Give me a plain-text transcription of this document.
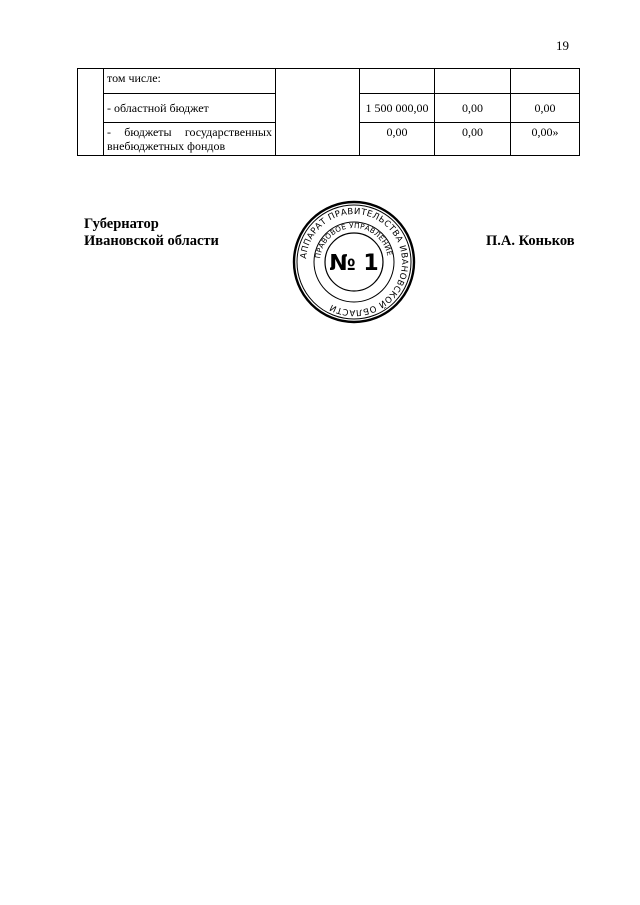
19
	том числе:				
	- областной бюджет		1 500 000,00	0,00	0,00
	- бюджеты государственных внебюджетных фондов		0,00	0,00	0,00»
Губернатор
Ивановской области
АППАРАТ ПРАВИТЕЛЬСТВА ИВАНОВСКОЙ ОБЛАСТИ
ПРАВОВОЕ УПРАВЛЕНИЕ
№ 1
П.А. Коньков
